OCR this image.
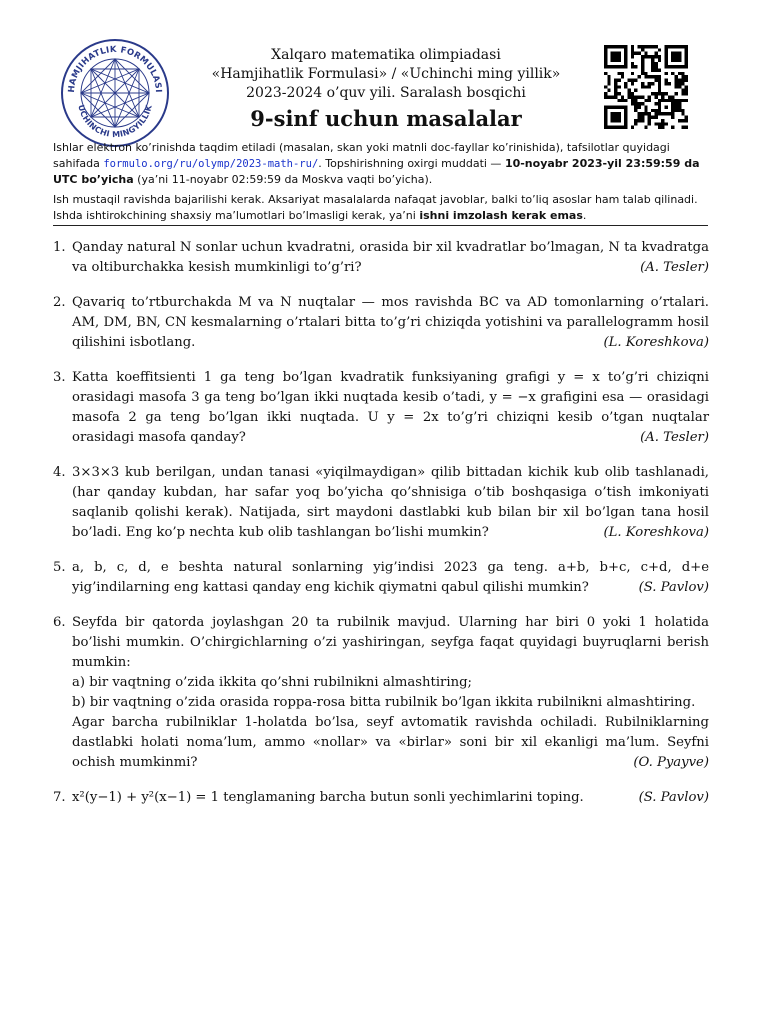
HAMJIHATLIK FORMULASI
UCHINCHI MINGYILLIK
Xalqaro matematika olimpiadasi
«Hamjihatlik Formulasi» / «Uchinchi ming yillik»
2023-2024 o’quv yili. Saralash bosqichi
9-sinf uchun masalalar

Ishlar elektron ko’rinishda taqdim etiladi (masalan, skan yoki matnli doc-fayllar ko’rinishida), tafsilotlar quyidagi sahifada formulo.org/ru/olymp/2023-math-ru/. Topshirishning oxirgi muddati — 10-noyabr 2023-yil 23:59:59 da UTC bo’yicha (ya’ni 11-noyabr 02:59:59 da Moskva vaqti bo’yicha).

Ish mustaqil ravishda bajarilishi kerak. Aksariyat masalalarda nafaqat javoblar, balki to’liq asoslar ham talab qilinadi. Ishda ishtirokchining shaxsiy ma’lumotlari bo’lmasligi kerak, ya’ni ishni imzolash kerak emas.

1. Qanday natural N sonlar uchun kvadratni, orasida bir xil kvadratlar bo’lmagan, N ta kvadratga va oltiburchakka kesish mumkinligi to’g’ri?	(A. Tesler)
2. Qavariq to’rtburchakda M va N nuqtalar — mos ravishda BC va AD tomonlarning o’rtalari. AM, DM, BN, CN kesmalarning o’rtalari bitta to’g’ri chiziqda yotishini va parallelogramm hosil qilishini isbotlang.	(L. Koreshkova)
3. Katta koeffitsienti 1 ga teng bo’lgan kvadratik funksiyaning grafigi y = x to’g’ri chiziqni orasidagi masofa 3 ga teng bo’lgan ikki nuqtada kesib o’tadi, y = −x grafigini esa — orasidagi masofa 2 ga teng bo’lgan ikki nuqtada. U y = 2x to’g’ri chiziqni kesib o’tgan nuqtalar orasidagi masofa qanday?	(A. Tesler)
4. 3×3×3 kub berilgan, undan tanasi «yiqilmaydigan» qilib bittadan kichik kub olib tashlanadi,(har qanday kubdan, har safar yoq bo’yicha qo’shnisiga o’tib boshqasiga o’tish imkoniyati saqlanib qolishi kerak). Natijada, sirt maydoni dastlabki kub bilan bir xil bo’lgan tana hosil bo’ladi. Eng ko’p nechta kub olib tashlangan bo’lishi mumkin?	(L. Koreshkova)
5. a, b, c, d, e beshta natural sonlarning yig’indisi 2023 ga teng. a+b, b+c, c+d, d+e yig’indilarning eng kattasi qanday eng kichik qiymatni qabul qilishi mumkin?	(S. Pavlov)
6. Seyfda bir qatorda joylashgan 20 ta rubilnik mavjud. Ularning har biri 0 yoki 1 holatida bo’lishi mumkin. O’chirgichlarning o’zi yashiringan, seyfga faqat quyidagi buyruqlarni berish mumkin:
a) bir vaqtning o’zida ikkita qo’shni rubilnikni almashtiring;
b) bir vaqtning o’zida orasida roppa-rosa bitta rubilnik bo’lgan ikkita rubilnikni almashtiring.
Agar barcha rubilniklar 1-holatda bo’lsa, seyf avtomatik ravishda ochiladi. Rubilniklarning dastlabki holati noma’lum, ammo «nollar» va «birlar» soni bir xil ekanligi ma’lum. Seyfni ochish mumkinmi?	(O. Pyayve)
7. x²(y−1) + y²(x−1) = 1 tenglamaning barcha butun sonli yechimlarini toping.	(S. Pavlov)
